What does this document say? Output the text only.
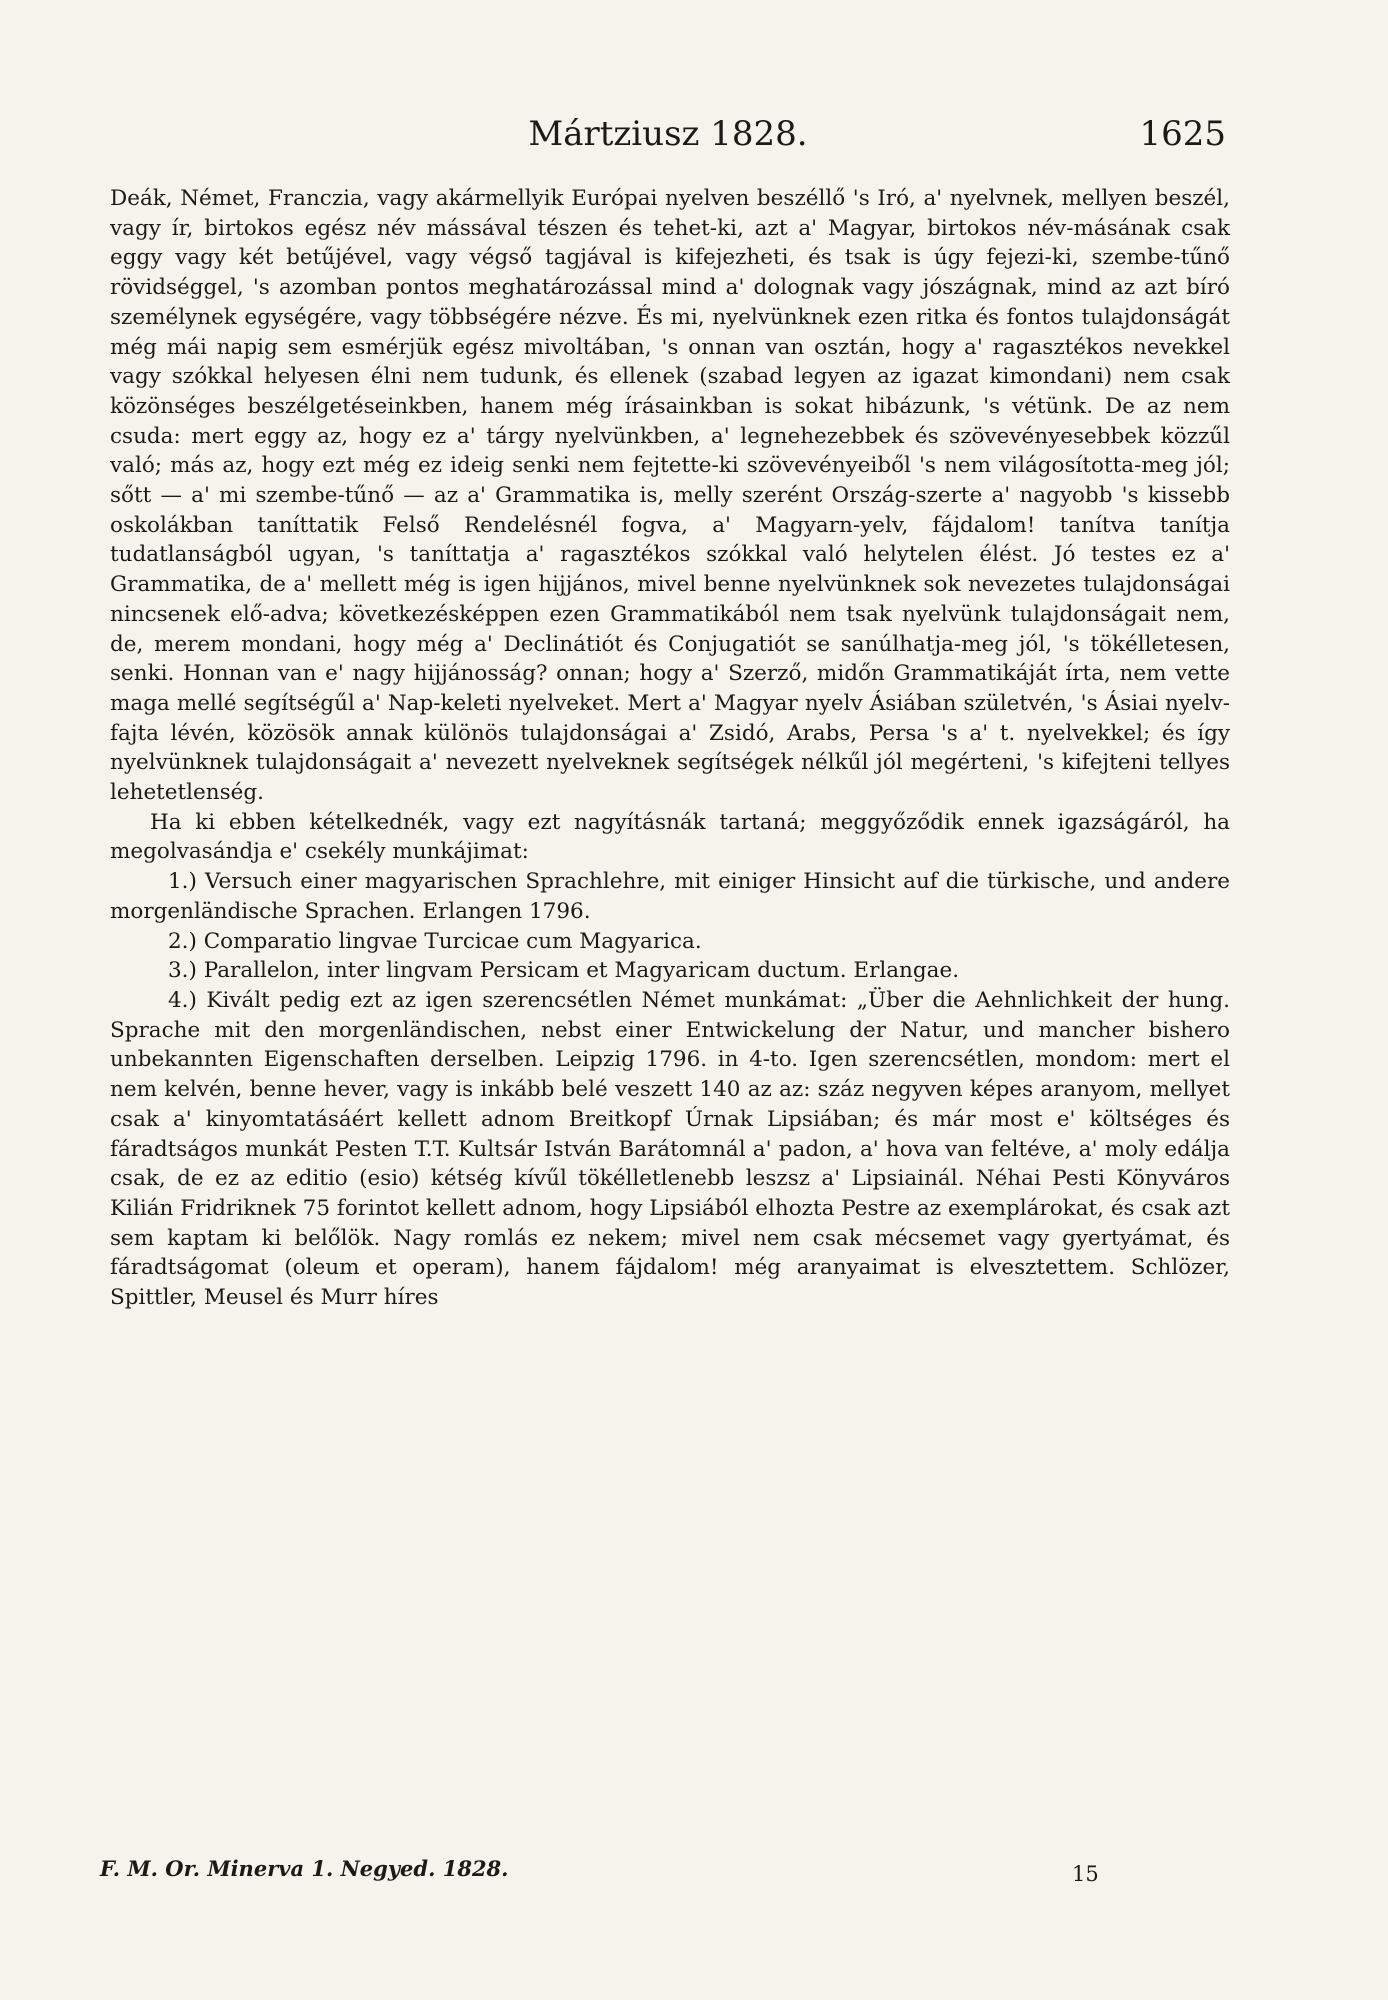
Mártziusz 1828.	1625

Deák, Német, Franczia, vagy akármellyik Európai nyelven beszéllő 's Iró, a' nyelvnek, mellyen beszél, vagy ír, birtokos egész név mássával tészen és tehet-ki, azt a' Magyar, birtokos név-másának csak eggy vagy két betűjével, vagy végső tagjával is kifejezheti, és tsak is úgy fejezi-ki, szembe-tűnő rövidséggel, 's azomban pontos meghatározással mind a' dolognak vagy jószágnak, mind az azt bíró személynek egységére, vagy többségére nézve. És mi, nyelvünknek ezen ritka és fontos tulajdonságát még mái napig sem esmérjük egész mivoltában, 's onnan van osztán, hogy a' ragasztékos nevekkel vagy szókkal helyesen élni nem tudunk, és ellenek (szabad legyen az igazat kimondani) nem csak közönséges beszélgetéseinkben, hanem még írásainkban is sokat hibázunk, 's vétünk. De az nem csuda: mert eggy az, hogy ez a' tárgy nyelvünkben, a' legnehezebbek és szövevényesebbek közzűl való; más az, hogy ezt még ez ideig senki nem fejtette-ki szövevényeiből 's nem világosította-meg jól; sőtt — a' mi szembe-tűnő — az a' Grammatika is, melly szerént Ország-szerte a' nagyobb 's kissebb oskolákban taníttatik Felső Rendelésnél fogva, a' Magyarn-yelv, fájdalom! tanítva tanítja tudatlanságból ugyan, 's taníttatja a' ragasztékos szókkal való helytelen élést. Jó testes ez a' Grammatika, de a' mellett még is igen hijjános, mivel benne nyelvünknek sok nevezetes tulajdonságai nincsenek elő-adva; következésképpen ezen Grammatikából nem tsak nyelvünk tulajdonságait nem, de, merem mondani, hogy még a' Declinátiót és Conjugatiót se sanúlhatja-meg jól, 's tökélletesen, senki. Honnan van e' nagy hijjánosság? onnan; hogy a' Szerző, midőn Grammatikáját írta, nem vette maga mellé segítségűl a' Nap-keleti nyelveket. Mert a' Magyar nyelv Ásiában születvén, 's Ásiai nyelv-fajta lévén, közösök annak különös tulajdonságai a' Zsidó, Arabs, Persa 's a' t. nyelvekkel; és így nyelvünknek tulajdonságait a' nevezett nyelveknek segítségek nélkűl jól megérteni, 's kifejteni tellyes lehetetlenség.

Ha ki ebben kételkednék, vagy ezt nagyításnák tartaná; meggyőződik ennek igazságáról, ha megolvasándja e' csekély munkájimat:

1.) Versuch einer magyarischen Sprachlehre, mit einiger Hinsicht auf die türkische, und andere morgenländische Sprachen. Erlangen 1796.

2.) Comparatio lingvae Turcicae cum Magyarica.

3.) Parallelon, inter lingvam Persicam et Magyaricam ductum. Erlangae.

4.) Kivált pedig ezt az igen szerencsétlen Német munkámat: „Über die Aehnlichkeit der hung. Sprache mit den morgenländischen, nebst einer Entwickelung der Natur, und mancher bishero unbekannten Eigenschaften derselben. Leipzig 1796. in 4-to. Igen szerencsétlen, mondom: mert el nem kelvén, benne hever, vagy is inkább belé veszett 140 az az: száz negyven képes aranyom, mellyet csak a' kinyomtatásáért kellett adnom Breitkopf Úrnak Lipsiában; és már most e' költséges és fáradtságos munkát Pesten T.T. Kultsár István Barátomnál a' padon, a' hova van feltéve, a' moly edálja csak, de ez az editio (esio) kétség kívűl tökélletlenebb leszsz a' Lipsiainál. Néhai Pesti Könyváros Kilián Fridriknek 75 forintot kellett adnom, hogy Lipsiából elhozta Pestre az exemplárokat, és csak azt sem kaptam ki belőlök. Nagy romlás ez nekem; mivel nem csak mécsemet vagy gyertyámat, és fáradtságomat (oleum et operam), hanem fájdalom! még aranyaimat is elvesztettem. Schlözer, Spittler, Meusel és Murr híres

F. M. Or. Minerva 1. Negyed. 1828.	15
